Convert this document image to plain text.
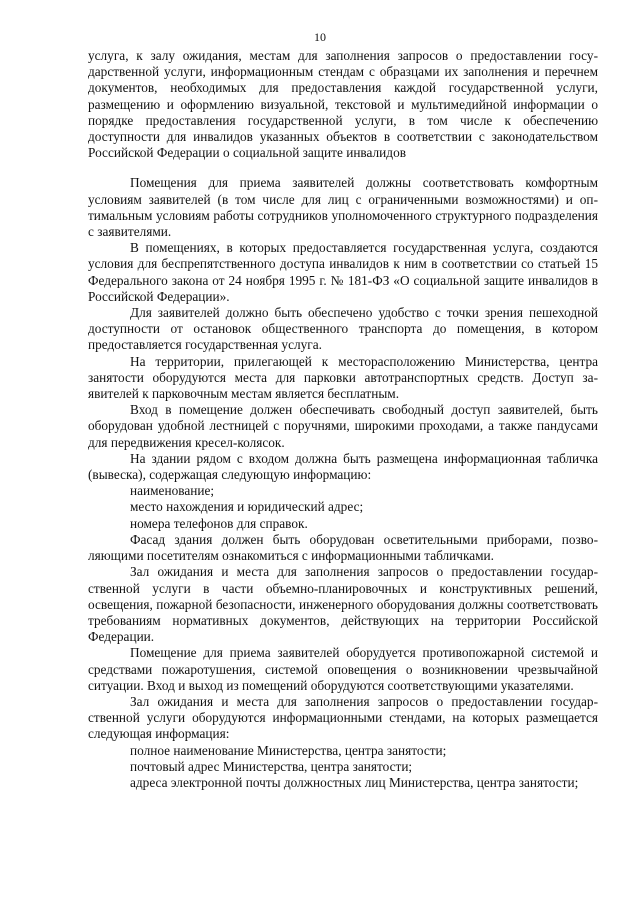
10

услуга, к залу ожидания, местам для заполнения запросов о предоставлении государственной услуги, информационным стендам с образцами их заполнения и перечнем документов, необходимых для предоставления каждой государственной услуги, размещению и оформлению визуальной, текстовой и мультимедийной информации о порядке предоставления государственной услуги, в том числе к обеспечению доступности для инвалидов указанных объектов в соответствии с законодательством Российской Федерации о социальной защите инвалидов

Помещения для приема заявителей должны соответствовать комфортным условиям заявителей (в том числе для лиц с ограниченными возможностями) и оптимальным условиям работы сотрудников уполномоченного структурного подразделения с заявителями.

В помещениях, в которых предоставляется государственная услуга, создаются условия для беспрепятственного доступа инвалидов к ним в соответствии со статьей 15 Федерального закона от 24 ноября 1995 г. № 181-ФЗ «О социальной защите инвалидов в Российской Федерации».

Для заявителей должно быть обеспечено удобство с точки зрения пешеходной доступности от остановок общественного транспорта до помещения, в котором предоставляется государственная услуга.

На территории, прилегающей к месторасположению Министерства, центра занятости оборудуются места для парковки автотранспортных средств. Доступ заявителей к парковочным местам является бесплатным.

Вход в помещение должен обеспечивать свободный доступ заявителей, быть оборудован удобной лестницей с поручнями, широкими проходами, а также пандусами для передвижения кресел-колясок.

На здании рядом с входом должна быть размещена информационная табличка (вывеска), содержащая следующую информацию:

наименование;

место нахождения и юридический адрес;

номера телефонов для справок.

Фасад здания должен быть оборудован осветительными приборами, позволяющими посетителям ознакомиться с информационными табличками.

Зал ожидания и места для заполнения запросов о предоставлении государственной услуги в части объемно-планировочных и конструктивных решений, освещения, пожарной безопасности, инженерного оборудования должны соответствовать требованиям нормативных документов, действующих на территории Российской Федерации.

Помещение для приема заявителей оборудуется противопожарной системой и средствами пожаротушения, системой оповещения о возникновении чрезвычайной ситуации. Вход и выход из помещений оборудуются соответствующими указателями.

Зал ожидания и места для заполнения запросов о предоставлении государственной услуги оборудуются информационными стендами, на которых размещается следующая информация:

полное наименование Министерства, центра занятости;

почтовый адрес Министерства, центра занятости;

адреса электронной почты должностных лиц Министерства, центра занятости;
